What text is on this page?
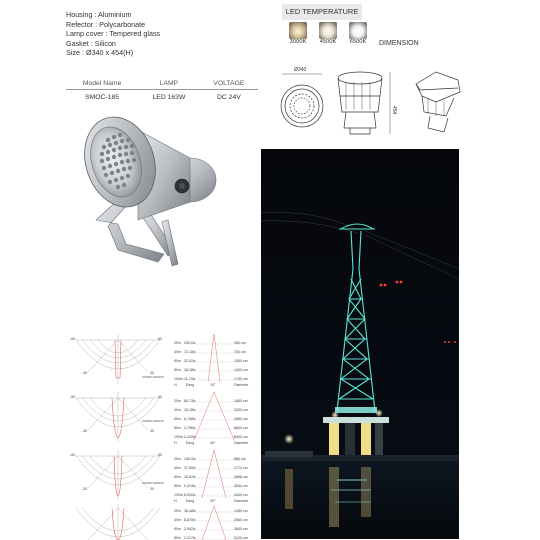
Housing : Aluminium
Refector : Polycarbonate
Lamp cover : Tempered glass
Gasket : Silicon
Size : Ø340 x 454(H)
LED TEMPERATURE
3000K	4500K	6500K	DIMENSION
Ø340
454
Model Name	LAMP	VOLTAGE
SMOC-185	LED 163W	DC 24V
-60	60
-30	30
C0/180 C90/270
20m 250.0lx	350 cm
40m 72.10lx	700 cm
60m 32.01lx	1050 cm
80m 18.28lx	1400 cm
100m 11.70lx	1750 cm
H	Eavg	10°	Diameter
-60	60
-30	30
C0/180 C90/270
20m 60.73lx	1660 cm
40m 15.18lx	3320 cm
60m 6.748lx	4980 cm
80m 3.796lx	6640 cm
100m 2.429lx	8300 cm
H	Eavg	45°	Diameter
-60	60
-30	30
C0/180 C90/270
20m 150.0lx	886 cm
40m 37.50lx	1772 cm
60m 16.67lx	2658 cm
80m 9.374lx	3544 cm
100m 6.000lx	4430 cm
H	Eavg	25°	Diameter
20m 35.48lx	1280 cm
40m 8.870lx	2560 cm
60m 3.942lx	3840 cm
80m 2.217lx	5120 cm
